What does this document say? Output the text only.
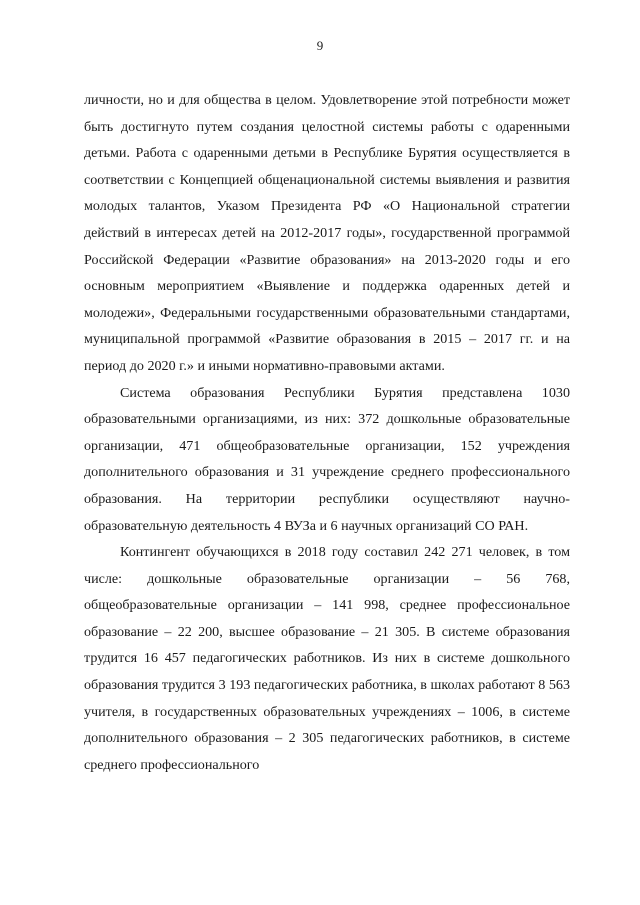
9

личности, но и для общества в целом. Удовлетворение этой потребности может быть достигнуто путем создания целостной системы работы с одаренными детьми. Работа с одаренными детьми в Республике Бурятия осуществляется в соответствии с Концепцией общенациональной системы выявления и развития молодых талантов, Указом Президента РФ «О Национальной стратегии действий в интересах детей на 2012-2017 годы», государственной программой Российской Федерации «Развитие образования» на 2013-2020 годы и его основным мероприятием «Выявление и поддержка одаренных детей и молодежи», Федеральными государственными образовательными стандартами, муниципальной программой «Развитие образования в 2015 – 2017 гг. и на период до 2020 г.» и иными нормативно-правовыми актами.

Система образования Республики Бурятия представлена 1030 образовательными организациями, из них: 372 дошкольные образовательные организации, 471 общеобразовательные организации, 152 учреждения дополнительного образования и 31 учреждение среднего профессионального образования. На территории республики осуществляют научно-образовательную деятельность 4 ВУЗа и 6 научных организаций СО РАН.

Контингент обучающихся в 2018 году составил 242 271 человек, в том числе: дошкольные образовательные организации – 56 768, общеобразовательные организации – 141 998, среднее профессиональное образование – 22 200, высшее образование – 21 305. В системе образования трудится 16 457 педагогических работников. Из них в системе дошкольного образования трудится 3 193 педагогических работника, в школах работают 8 563 учителя, в государственных образовательных учреждениях – 1006, в системе дополнительного образования – 2 305 педагогических работников, в системе среднего профессионального
